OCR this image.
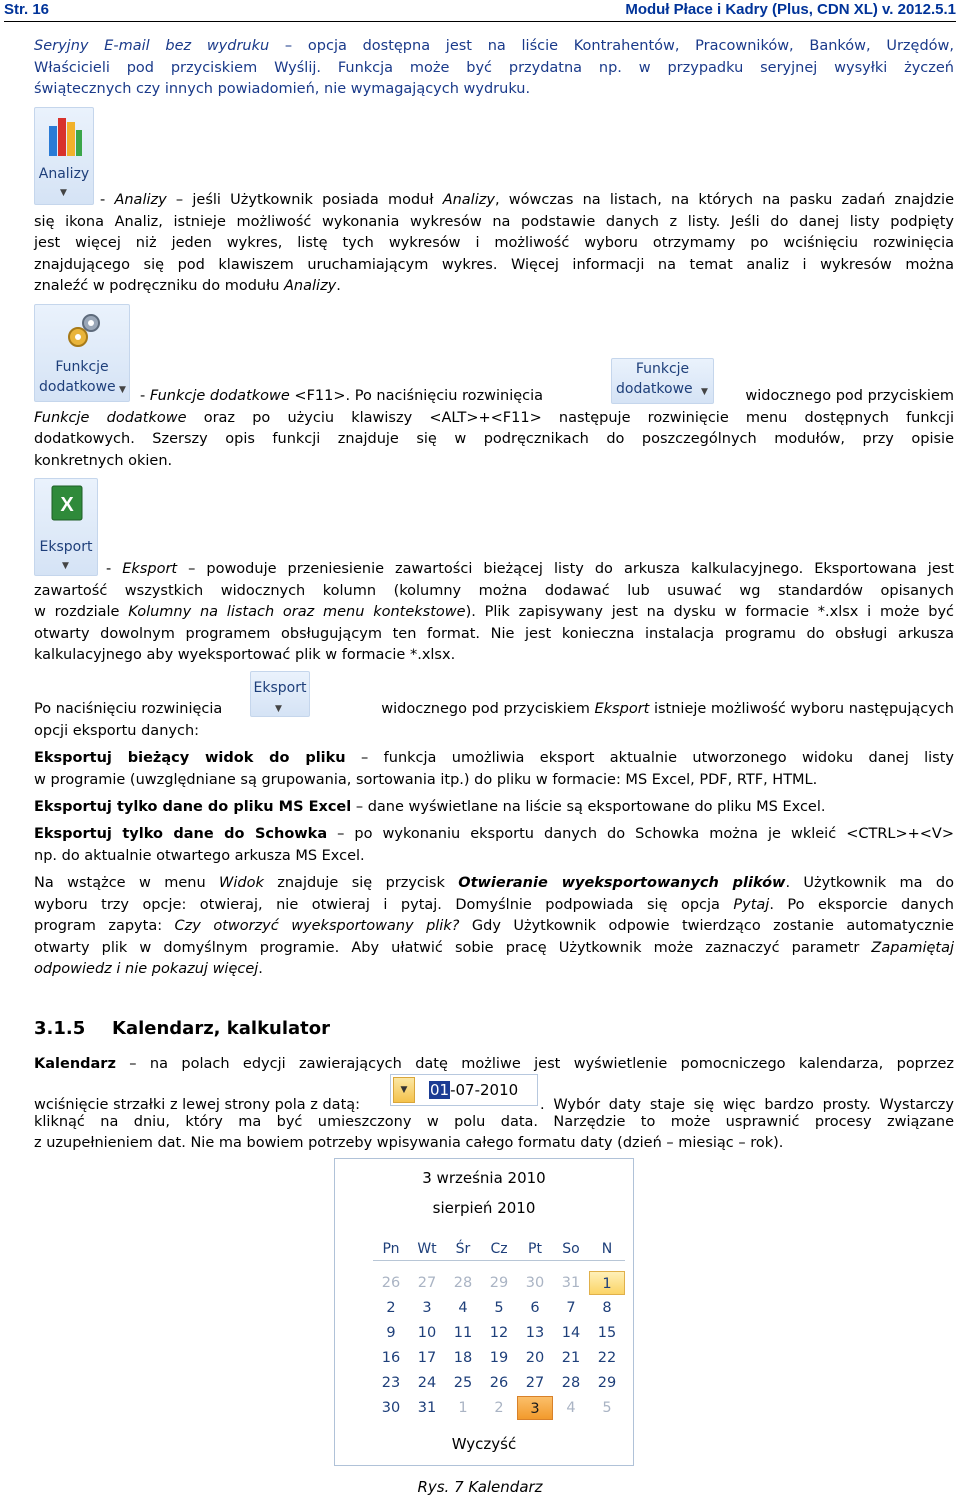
Str. 16	Moduł Płace i Kadry (Plus, CDN XL) v. 2012.5.1
Seryjny E-mail bez wydruku – opcja dostępna jest na liście Kontrahentów, Pracowników, Banków, Urzędów,
Właścicieli pod przyciskiem Wyślij. Funkcja może być przydatna np. w przypadku seryjnej wysyłki życzeń
świątecznych czy innych powiadomień, nie wymagających wydruku.
Analizy
▼	- Analizy – jeśli Użytkownik posiada moduł Analizy, wówczas na listach, na których na pasku zadań znajdzie
się ikona Analiz, istnieje możliwość wykonania wykresów na podstawie danych z listy. Jeśli do danej listy podpięty
jest więcej niż jeden wykres, listę tych wykresów i możliwość wyboru otrzymamy po wciśnięciu rozwinięcia
znajdującego się pod klawiszem uruchamiającym wykres. Więcej informacji na temat analiz i wykresów można
znaleźć w podręczniku do modułu Analizy.
Funkcje
dodatkowe ▼
Funkcje
dodatkowe ▼
- Funkcje dodatkowe <F11>. Po naciśnięciu rozwinięcia	widocznego pod przyciskiem
Funkcje dodatkowe oraz po użyciu klawiszy <ALT>+<F11> następuje rozwinięcie menu dostępnych funkcji
dodatkowych. Szerszy opis funkcji znajduje się w podręcznikach do poszczególnych modułów, przy opisie
konkretnych okien.
X
Eksport
▼	- Eksport – powoduje przeniesienie zawartości bieżącej listy do arkusza kalkulacyjnego. Eksportowana jest
zawartość wszystkich widocznych kolumn (kolumny można dodawać lub usuwać wg standardów opisanych
w rozdziale Kolumny na listach oraz menu kontekstowe). Plik zapisywany jest na dysku w formacie *.xlsx i może być
otwarty dowolnym programem obsługującym ten format. Nie jest konieczna instalacja programu do obsługi arkusza
kalkulacyjnego aby wyeksportować plik w formacie *.xlsx.
Eksport
▼
Po naciśnięciu rozwinięcia	widocznego pod przyciskiem Eksport istnieje możliwość wyboru następujących
opcji eksportu danych:
Eksportuj bieżący widok do pliku – funkcja umożliwia eksport aktualnie utworzonego widoku danej listy
w programie (uwzględniane są grupowania, sortowania itp.) do pliku w formacie: MS Excel, PDF, RTF, HTML.
Eksportuj tylko dane do pliku MS Excel – dane wyświetlane na liście są eksportowane do pliku MS Excel.
Eksportuj tylko dane do Schowka – po wykonaniu eksportu danych do Schowka można je wkleić <CTRL>+<V>
np. do aktualnie otwartego arkusza MS Excel.
Na wstążce w menu Widok znajduje się przycisk Otwieranie wyeksportowanych plików. Użytkownik ma do
wyboru trzy opcje: otwieraj, nie otwieraj i pytaj. Domyślnie podpowiada się opcja Pytaj. Po eksporcie danych
program zapyta: Czy otworzyć wyeksportowany plik? Gdy Użytkownik odpowie twierdząco zostanie automatycznie
otwarty plik w domyślnym programie. Aby ułatwić sobie pracę Użytkownik może zaznaczyć parametr Zapamiętaj
odpowiedz i nie pokazuj więcej.
3.1.5 Kalendarz, kalkulator
Kalendarz – na polach edycji zawierających datę możliwe jest wyświetlenie pomocniczego kalendarza, poprzez
wciśnięcie strzałki z lewej strony pola z datą:	. Wybór daty staje się więc bardzo prosty. Wystarczy
kliknąć na dniu, który ma być umieszczony w polu data. Narzędzie to może usprawnić procesy związane
z uzupełnieniem dat. Nie ma bowiem potrzeby wpisywania całego formatu daty (dzień – miesiąc – rok).
▼	01-07-2010
3 września 2010
sierpień 2010
Pn	Wt	Śr	Cz	Pt	So	N
26	27	28	29	30	31	1
2	3	4	5	6	7	8
9	10	11	12	13	14	15
16	17	18	19	20	21	22
23	24	25	26	27	28	29
30	31	1	2	3	4	5
Wyczyść
Rys. 7 Kalendarz
